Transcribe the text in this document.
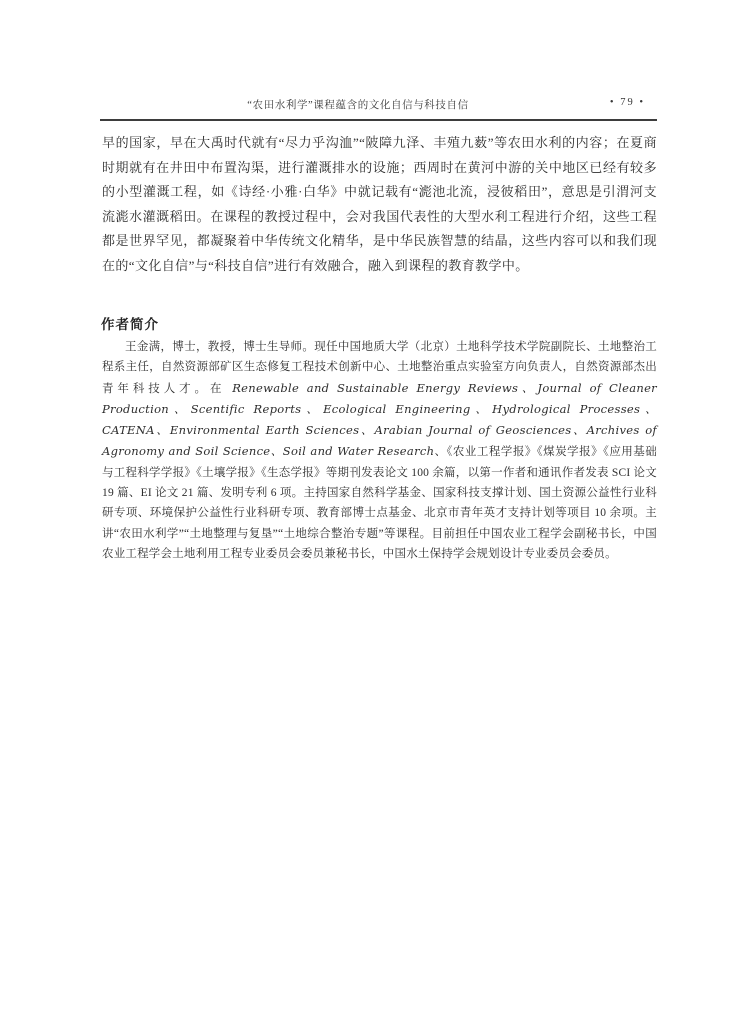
“农田水利学”课程蕴含的文化自信与科技自信	• 79 •

早的国家，早在大禹时代就有“尽力乎沟洫”“陂障九泽、丰殖九薮”等农田水利的内容；在夏商时期就有在井田中布置沟渠，进行灌溉排水的设施；西周时在黄河中游的关中地区已经有较多的小型灌溉工程，如《诗经·小雅·白华》中就记载有“滮池北流，浸彼稻田”，意思是引渭河支流滮水灌溉稻田。在课程的教授过程中，会对我国代表性的大型水利工程进行介绍，这些工程都是世界罕见，都凝聚着中华传统文化精华，是中华民族智慧的结晶，这些内容可以和我们现在的“文化自信”与“科技自信”进行有效融合，融入到课程的教育教学中。

作者简介

王金满，博士，教授，博士生导师。现任中国地质大学（北京）土地科学技术学院副院长、土地整治工程系主任，自然资源部矿区生态修复工程技术创新中心、土地整治重点实验室方向负责人，自然资源部杰出青年科技人才。在 Renewable and Sustainable Energy Reviews、Journal of Cleaner Production、Scentific Reports、Ecological Engineering、Hydrological Processes、CATENA、Environmental Earth Sciences、Arabian Journal of Geosciences、Archives of Agronomy and Soil Science、Soil and Water Research、《农业工程学报》《煤炭学报》《应用基础与工程科学学报》《土壤学报》《生态学报》等期刊发表论文 100 余篇，以第一作者和通讯作者发表 SCI 论文 19 篇、EI 论文 21 篇、发明专利 6 项。主持国家自然科学基金、国家科技支撑计划、国土资源公益性行业科研专项、环境保护公益性行业科研专项、教育部博士点基金、北京市青年英才支持计划等项目 10 余项。主讲“农田水利学”“土地整理与复垦”“土地综合整治专题”等课程。目前担任中国农业工程学会副秘书长，中国农业工程学会土地利用工程专业委员会委员兼秘书长，中国水土保持学会规划设计专业委员会委员。
